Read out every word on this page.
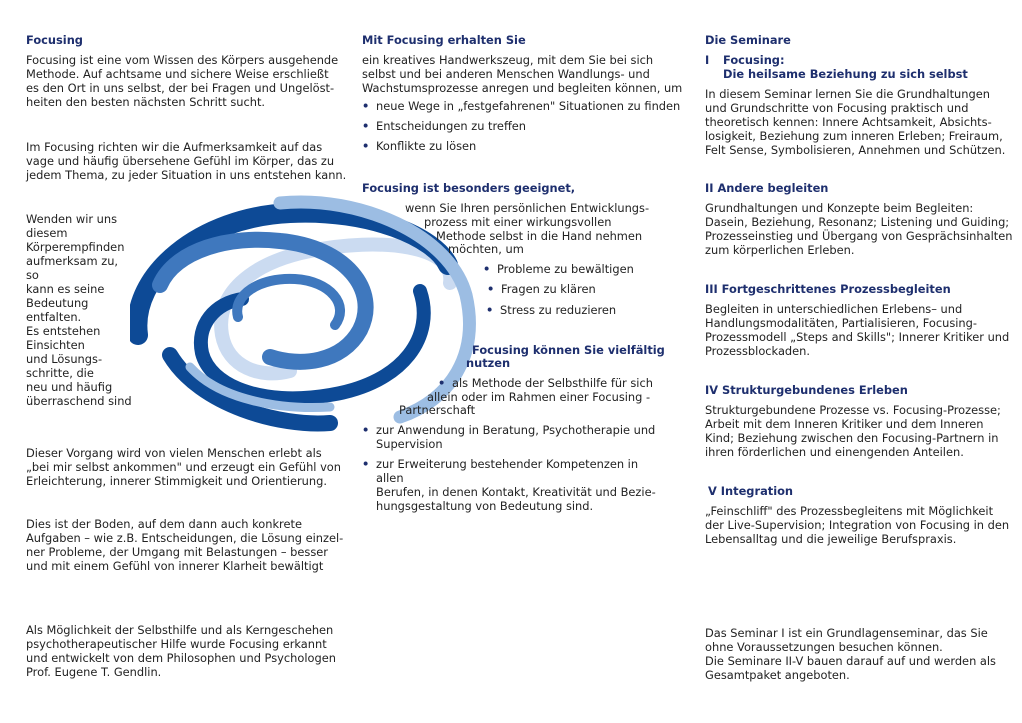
Focusing
Focusing ist eine vom Wissen des Körpers ausgehende
Methode. Auf achtsame und sichere Weise erschließt
es den Ort in uns selbst, der bei Fragen und Ungelöst-
heiten den besten nächsten Schritt sucht.
Im Focusing richten wir die Aufmerksamkeit auf das
vage und häufig übersehene Gefühl im Körper, das zu
jedem Thema, zu jeder Situation in uns entstehen kann.
Wenden wir uns
diesem
Körperempfinden
aufmerksam zu,
so
kann es seine
Bedeutung
entfalten.
Es entstehen
Einsichten
und Lösungs-
schritte, die
neu und häufig
überraschend sind
Dieser Vorgang wird von vielen Menschen erlebt als
„bei mir selbst ankommen" und erzeugt ein Gefühl von
Erleichterung, innerer Stimmigkeit und Orientierung.
Dies ist der Boden, auf dem dann auch konkrete
Aufgaben – wie z.B. Entscheidungen, die Lösung einzel-
ner Probleme, der Umgang mit Belastungen – besser
und mit einem Gefühl von innerer Klarheit bewältigt
Als Möglichkeit der Selbsthilfe und als Kerngeschehen
psychotherapeutischer Hilfe wurde Focusing erkannt
und entwickelt von dem Philosophen und Psychologen
Prof. Eugene T. Gendlin.
Mit Focusing erhalten Sie
ein kreatives Handwerkszeug, mit dem Sie bei sich
selbst und bei anderen Menschen Wandlungs- und
Wachstumsprozesse anregen und begleiten können, um
• neue Wege in „festgefahrenen" Situationen zu finden
• Entscheidungen zu treffen
• Konflikte zu lösen
Focusing ist besonders geeignet,
wenn Sie Ihren persönlichen Entwicklungs-
prozess mit einer wirkungsvollen
Methode selbst in die Hand nehmen
möchten, um
• Probleme zu bewältigen
• Fragen zu klären
• Stress zu reduzieren
Focusing können Sie vielfältig
nutzen
• als Methode der Selbsthilfe für sich
allein oder im Rahmen einer Focusing -
Partnerschaft
• zur Anwendung in Beratung, Psychotherapie und
Supervision
• zur Erweiterung bestehender Kompetenzen in allen
Berufen, in denen Kontakt, Kreativität und Bezie-
hungsgestaltung von Bedeutung sind.
Die Seminare
I Focusing:
Die heilsame Beziehung zu sich selbst
In diesem Seminar lernen Sie die Grundhaltungen
und Grundschritte von Focusing praktisch und
theoretisch kennen: Innere Achtsamkeit, Absichts-
losigkeit, Beziehung zum inneren Erleben; Freiraum,
Felt Sense, Symbolisieren, Annehmen und Schützen.
II Andere begleiten
Grundhaltungen und Konzepte beim Begleiten:
Dasein, Beziehung, Resonanz; Listening und Guiding;
Prozesseinstieg und Übergang von Gesprächsinhalten
zum körperlichen Erleben.
III Fortgeschrittenes Prozessbegleiten
Begleiten in unterschiedlichen Erlebens– und
Handlungsmodalitäten, Partialisieren, Focusing-
Prozessmodell „Steps and Skills"; Innerer Kritiker und
Prozessblockaden.
IV Strukturgebundenes Erleben
Strukturgebundene Prozesse vs. Focusing-Prozesse;
Arbeit mit dem Inneren Kritiker und dem Inneren
Kind; Beziehung zwischen den Focusing-Partnern in
ihren förderlichen und einengenden Anteilen.
V Integration
„Feinschliff" des Prozessbegleitens mit Möglichkeit
der Live-Supervision; Integration von Focusing in den
Lebensalltag und die jeweilige Berufspraxis.
Das Seminar I ist ein Grundlagenseminar, das Sie
ohne Voraussetzungen besuchen können.
Die Seminare II-V bauen darauf auf und werden als
Gesamtpaket angeboten.
